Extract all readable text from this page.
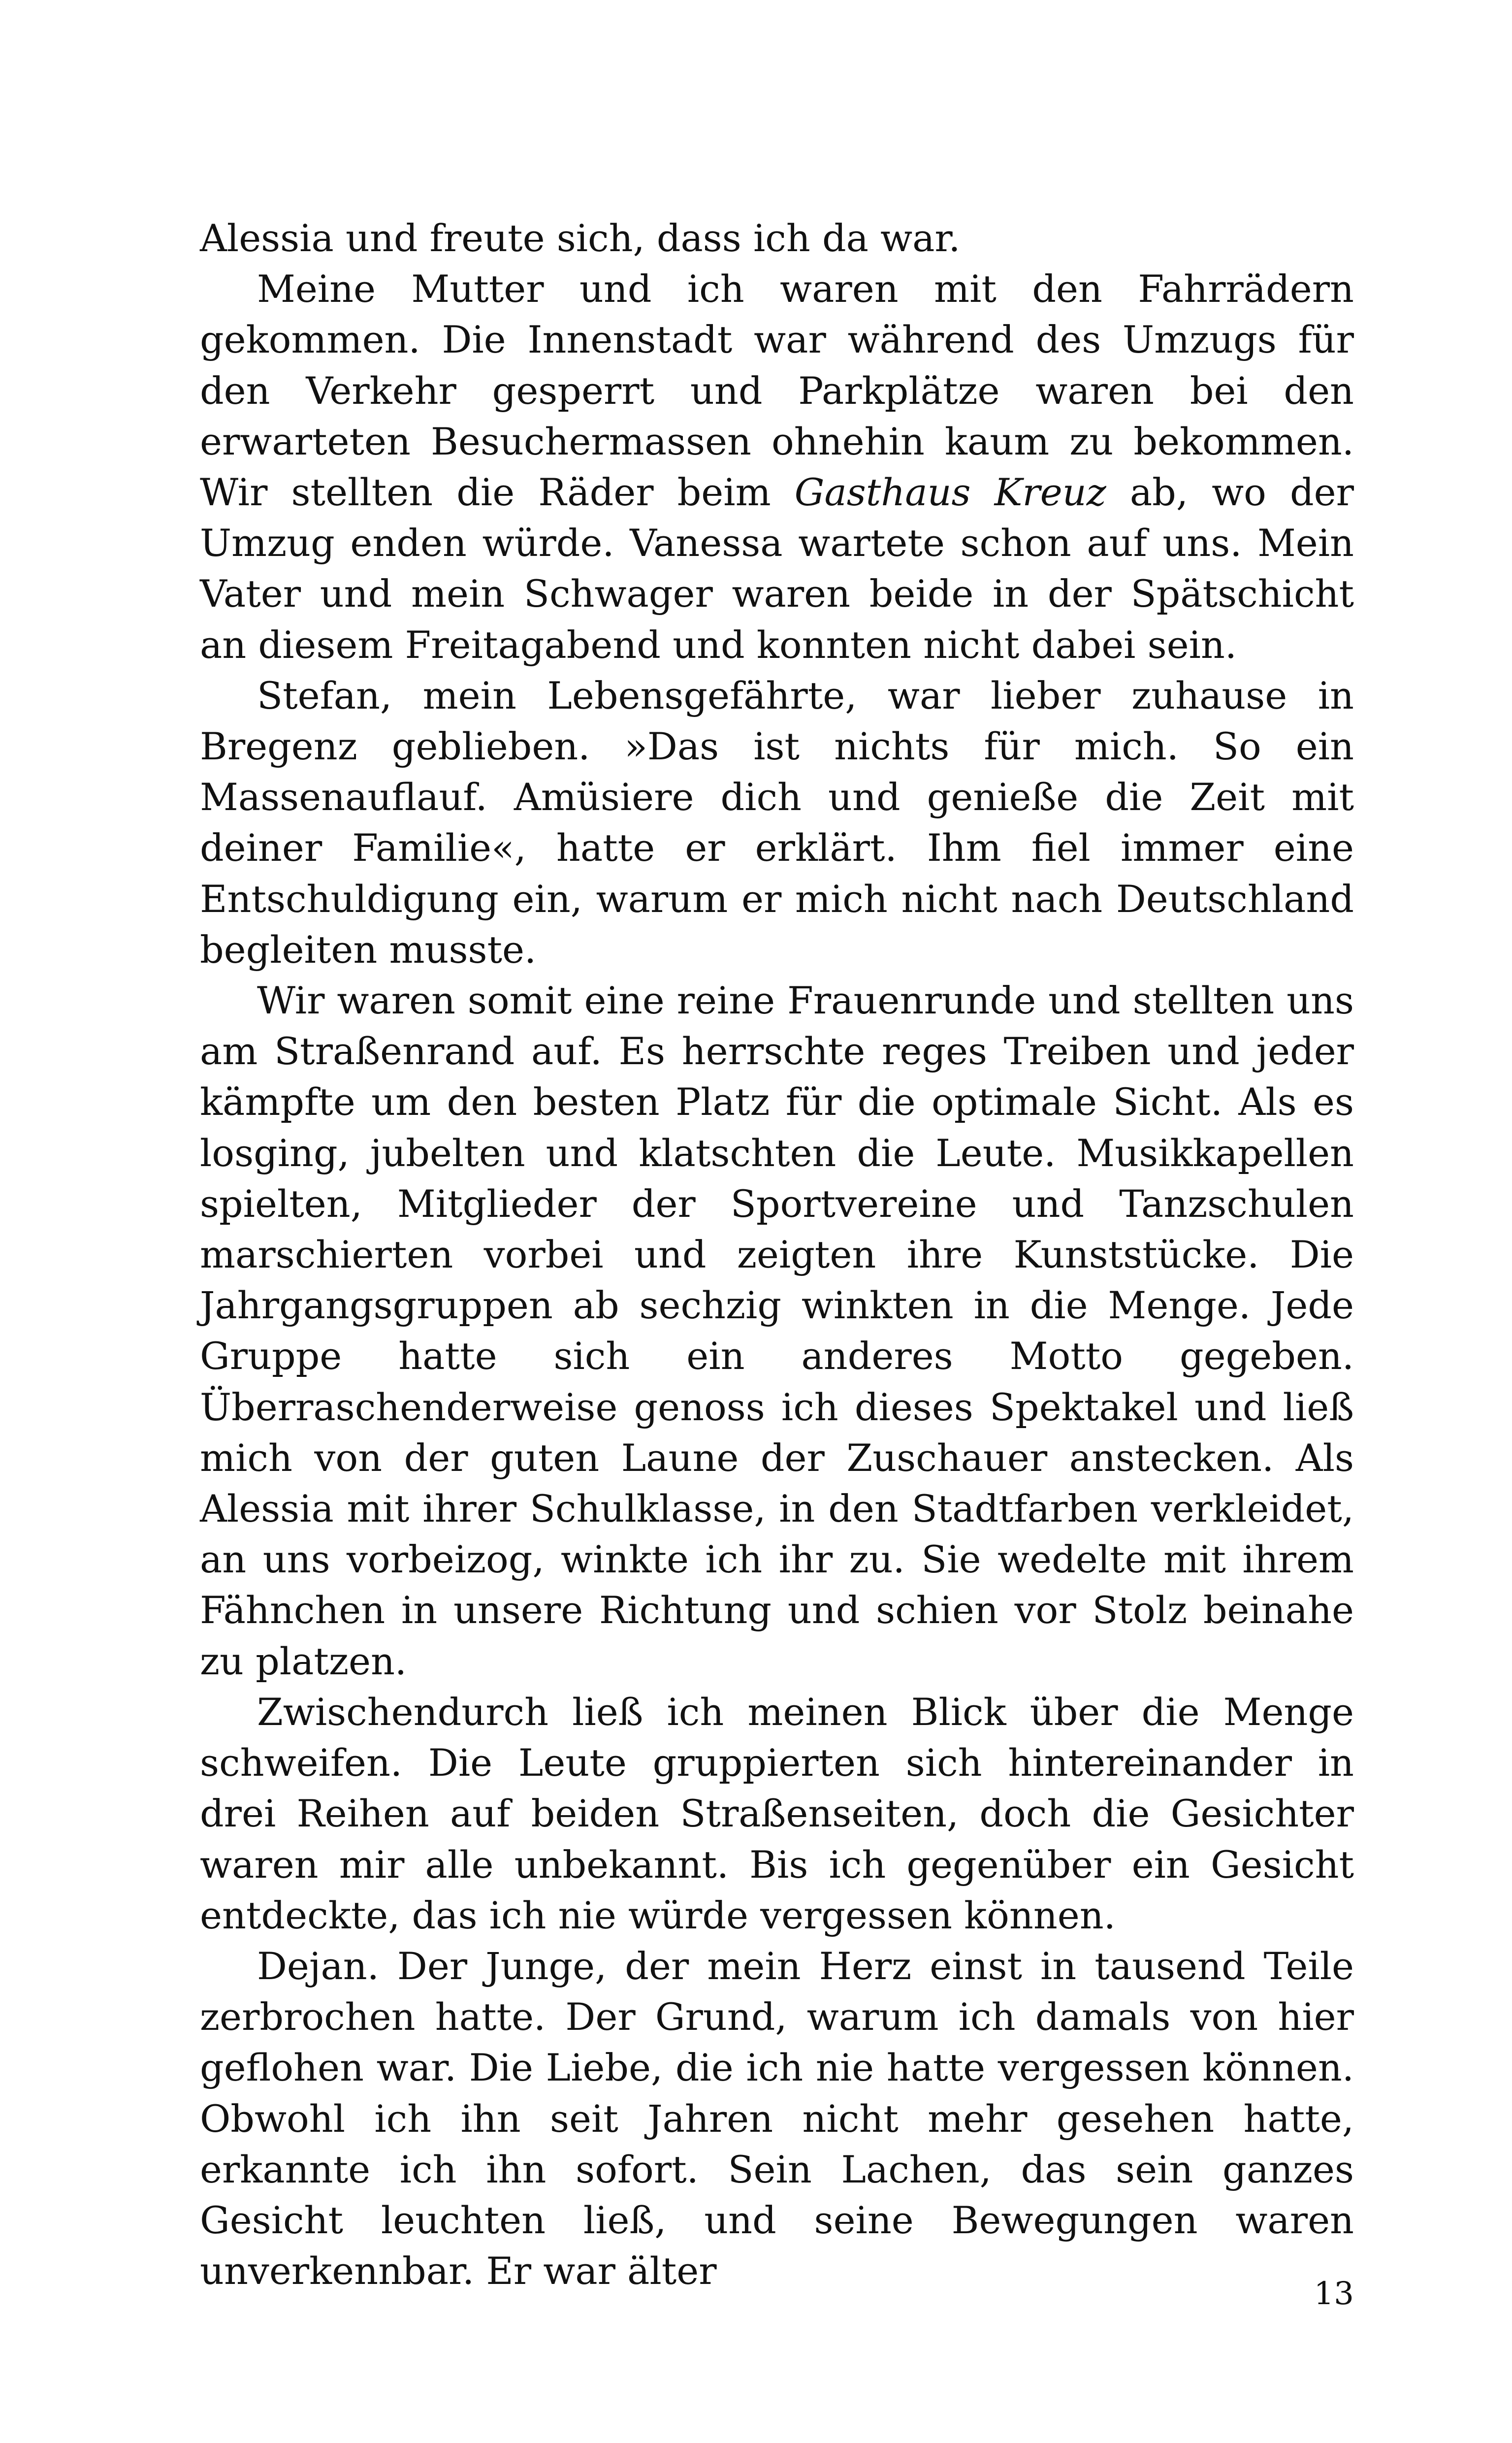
Alessia und freute sich, dass ich da war.

Meine Mutter und ich waren mit den Fahrrädern gekommen. Die Innenstadt war während des Umzugs für den Verkehr gesperrt und Parkplätze waren bei den erwarteten Besuchermassen ohnehin kaum zu bekommen. Wir stellten die Räder beim Gasthaus Kreuz ab, wo der Umzug enden würde. Vanessa wartete schon auf uns. Mein Vater und mein Schwager waren beide in der Spätschicht an diesem Freitagabend und konnten nicht dabei sein.

Stefan, mein Lebensgefährte, war lieber zuhause in Bregenz geblieben. »Das ist nichts für mich. So ein Massenauflauf. Amüsiere dich und genieße die Zeit mit deiner Familie«, hatte er erklärt. Ihm fiel immer eine Entschuldigung ein, warum er mich nicht nach Deutschland begleiten musste.

Wir waren somit eine reine Frauenrunde und stellten uns am Straßenrand auf. Es herrschte reges Treiben und jeder kämpfte um den besten Platz für die optimale Sicht. Als es losging, jubelten und klatschten die Leute. Musikkapellen spielten, Mitglieder der Sportvereine und Tanzschulen marschierten vorbei und zeigten ihre Kunststücke. Die Jahrgangsgruppen ab sechzig winkten in die Menge. Jede Gruppe hatte sich ein anderes Motto gegeben. Überraschenderweise genoss ich dieses Spektakel und ließ mich von der guten Laune der Zuschauer anstecken. Als Alessia mit ihrer Schulklasse, in den Stadtfarben verkleidet, an uns vorbeizog, winkte ich ihr zu. Sie wedelte mit ihrem Fähnchen in unsere Richtung und schien vor Stolz beinahe zu platzen.

Zwischendurch ließ ich meinen Blick über die Menge schweifen. Die Leute gruppierten sich hintereinander in drei Reihen auf beiden Straßenseiten, doch die Gesichter waren mir alle unbekannt. Bis ich gegenüber ein Gesicht entdeckte, das ich nie würde vergessen können.

Dejan. Der Junge, der mein Herz einst in tausend Teile zerbrochen hatte. Der Grund, warum ich damals von hier geflohen war. Die Liebe, die ich nie hatte vergessen können. Obwohl ich ihn seit Jahren nicht mehr gesehen hatte, erkannte ich ihn sofort. Sein Lachen, das sein ganzes Gesicht leuchten ließ, und seine Bewegungen waren unverkennbar. Er war älter

13
